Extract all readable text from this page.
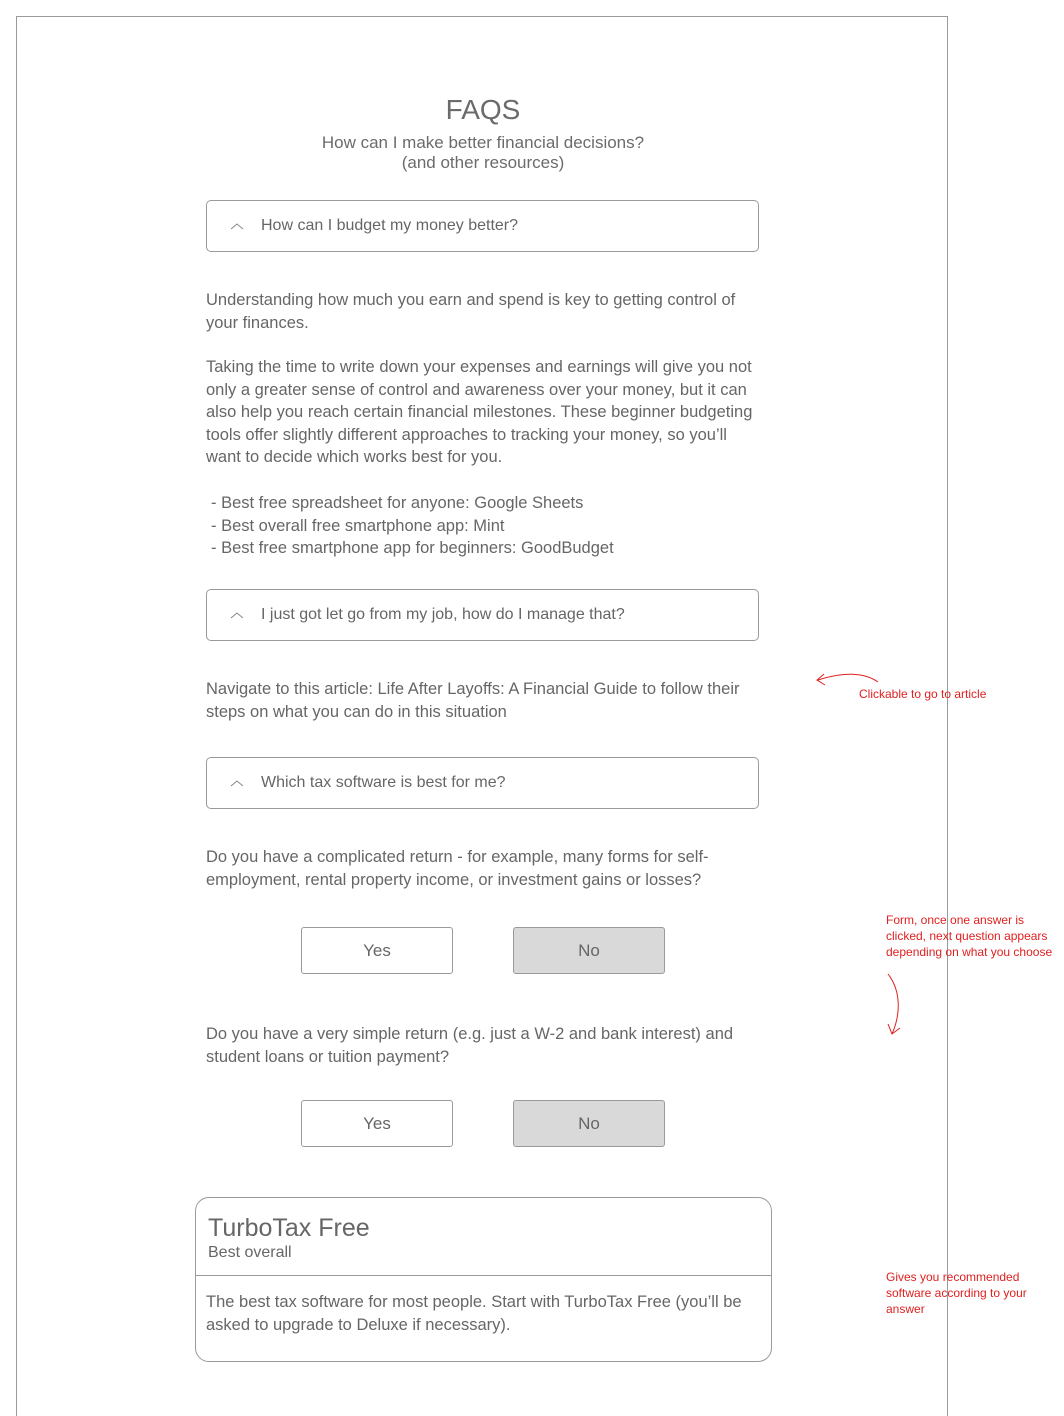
FAQS
How can I make better financial decisions?
(and other resources)
How can I budget my money better?

Understanding how much you earn and spend is key to getting control of your finances.

Taking the time to write down your expenses and earnings will give you not only a greater sense of control and awareness over your money, but it can also help you reach certain financial milestones. These beginner budgeting tools offer slightly different approaches to tracking your money, so you’ll want to decide which works best for you.

- Best free spreadsheet for anyone: Google Sheets
- Best overall free smartphone app: Mint
- Best free smartphone app for beginners: GoodBudget
I just got let go from my job, how do I manage that?

Navigate to this article: Life After Layoffs: A Financial Guide to follow their steps on what you can do in this situation

Which tax software is best for me?

Do you have a complicated return - for example, many forms for self-employment, rental property income, or investment gains or losses?

Yes	No

Do you have a very simple return (e.g. just a W-2 and bank interest) and student loans or tuition payment?

Yes	No
TurboTax Free
Best overall
The best tax software for most people. Start with TurboTax Free (you’ll be asked to upgrade to Deluxe if necessary).
Clickable to go to article
Form, once one answer is
clicked, next question appears
depending on what you choose
Gives you recommended
software according to your
answer
